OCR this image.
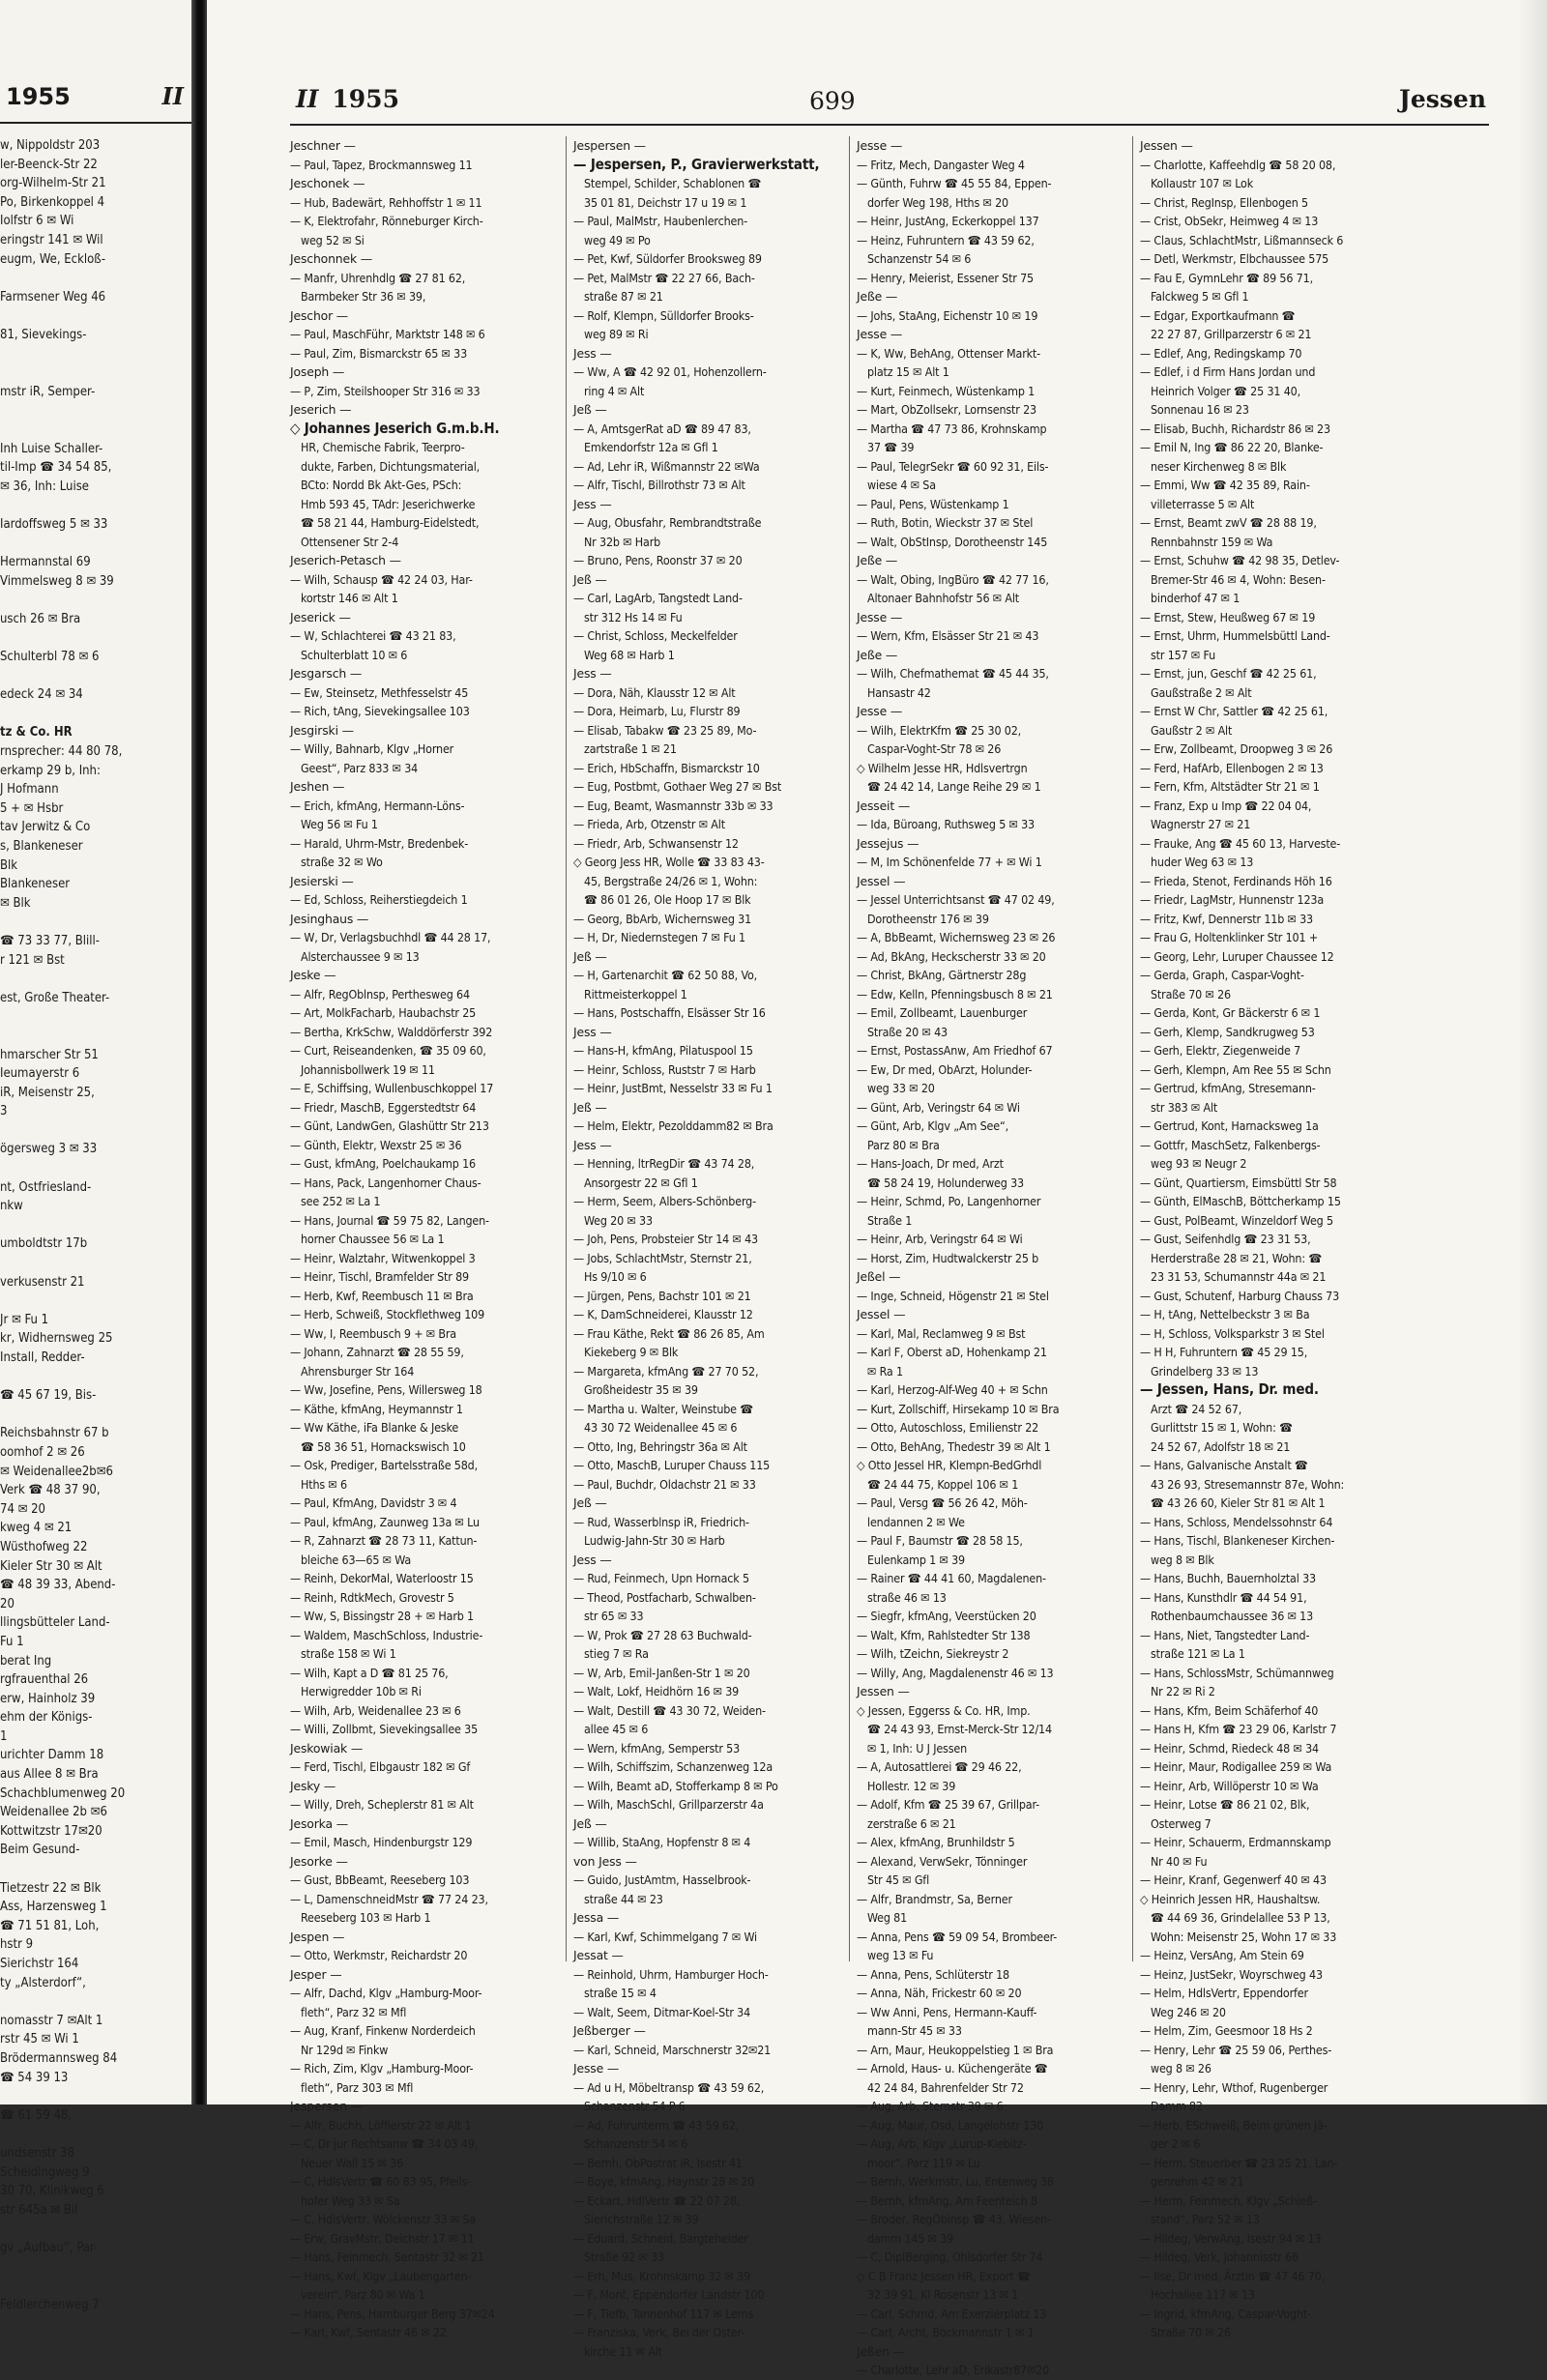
1955	II
w, Nippoldstr 203
ler-Beenck-Str 22
org-Wilhelm-Str 21
Po, Birkenkoppel 4
Iolfstr 6 ✉ Wi
eringstr 141 ✉ Wil
eugm, We, Eckloß-
Farmsener Weg 46
81, Sievekings-
mstr iR, Semper-
Inh Luise Schaller-
til-Imp ☎ 34 54 85,
✉ 36, Inh: Luise
Iardoffsweg 5 ✉ 33
Hermannstal 69
Vimmelsweg 8 ✉ 39
usch 26 ✉ Bra
Schulterbl 78 ✉ 6
edeck 24 ✉ 34
tz & Co. HR
rnsprecher: 44 80 78,
erkamp 29 b, Inh:
J Hofmann
5 + ✉ Hsbr
tav Jerwitz & Co
s, Blankeneser
Blk
Blankeneser
✉ Blk
☎ 73 33 77, Blill-
r 121 ✉ Bst
est, Große Theater-
hmarscher Str 51
Ieumayerstr 6
iR, Meisenstr 25,
3
ögersweg 3 ✉ 33
nt, Ostfriesland-
nkw
umboldtstr 17b
verkusenstr 21
Jr ✉ Fu 1
kr, Widhernsweg 25
Install, Redder-
☎ 45 67 19, Bis-
Reichsbahnstr 67 b
oomhof 2 ✉ 26
✉ Weidenallee2b✉6
Verk ☎ 48 37 90,
74 ✉ 20
kweg 4 ✉ 21
Wüsthofweg 22
Kieler Str 30 ✉ Alt
☎ 48 39 33, Abend-
20
llingsbütteler Land-
Fu 1
berat Ing
rgfrauenthal 26
erw, Hainholz 39
ehm der Königs-
1
urichter Damm 18
aus Allee 8 ✉ Bra
Schachblumenweg 20
Weidenallee 2b ✉6
Kottwitzstr 17✉20
Beim Gesund-
Tietzestr 22 ✉ Blk
Ass, Harzensweg 1
☎ 71 51 81, Loh,
hstr 9
Sierichstr 164
ty „Alsterdorf“,
nomasstr 7 ✉Alt 1
rstr 45 ✉ Wi 1
Brödermannsweg 84
☎ 54 39 13
☎ 61 59 48,
undsenstr 38
Scheidingweg 9
30 70, Klinikweg 6
str 645a ✉ Bil
gv „Aufbau“, Par-
Feldlerchenweg 7
II 1955	699	Jessen
Jeschner —
— Paul, Tapez, Brockmannsweg 11
Jeschonek —
— Hub, Badewärt, Rehhoffstr 1 ✉ 11
— K, Elektrofahr, Rönneburger Kirch-
 weg 52 ✉ Si
Jeschonnek —
— Manfr, Uhrenhdlg ☎ 27 81 62,
 Barmbeker Str 36 ✉ 39,
Jeschor —
— Paul, MaschFühr, Marktstr 148 ✉ 6
— Paul, Zim, Bismarckstr 65 ✉ 33
Joseph —
— P, Zim, Steilshooper Str 316 ✉ 33
Jeserich —
◇ Johannes Jeserich G.m.b.H.
 HR, Chemische Fabrik, Teerpro-
 dukte, Farben, Dichtungsmaterial,
 BCto: Nordd Bk Akt-Ges, PSch:
 Hmb 593 45, TAdr: Jeserichwerke
 ☎ 58 21 44, Hamburg-Eidelstedt,
 Ottensener Str 2-4
Jeserich-Petasch —
— Wilh, Schausp ☎ 42 24 03, Har-
 kortstr 146 ✉ Alt 1
Jeserick —
— W, Schlachterei ☎ 43 21 83,
 Schulterblatt 10 ✉ 6
Jesgarsch —
— Ew, Steinsetz, Methfesselstr 45
— Rich, tAng, Sievekingsallee 103
Jesgirski —
— Willy, Bahnarb, Klgv „Horner
 Geest“, Parz 833 ✉ 34
Jeshen —
— Erich, kfmAng, Hermann-Löns-
 Weg 56 ✉ Fu 1
— Harald, Uhrm-Mstr, Bredenbek-
 straße 32 ✉ Wo
Jesierski —
— Ed, Schloss, Reiherstiegdeich 1
Jesinghaus —
— W, Dr, Verlagsbuchhdl ☎ 44 28 17,
 Alsterchaussee 9 ✉ 13
Jeske —
— Alfr, RegOblnsp, Perthesweg 64
— Art, MolkFacharb, Haubachstr 25
— Bertha, KrkSchw, Walddörferstr 392
— Curt, Reiseandenken, ☎ 35 09 60,
 Johannisbollwerk 19 ✉ 11
— E, Schiffsing, Wullenbuschkoppel 17
— Friedr, MaschB, Eggerstedtstr 64
— Günt, LandwGen, Glashüttr Str 213
— Günth, Elektr, Wexstr 25 ✉ 36
— Gust, kfmAng, Poelchaukamp 16
— Hans, Pack, Langenhorner Chaus-
 see 252 ✉ La 1
— Hans, Journal ☎ 59 75 82, Langen-
 horner Chaussee 56 ✉ La 1
— Heinr, Walztahr, Witwenkoppel 3
— Heinr, Tischl, Bramfelder Str 89
— Herb, Kwf, Reembusch 11 ✉ Bra
— Herb, Schweiß, Stockflethweg 109
— Ww, I, Reembusch 9 + ✉ Bra
— Johann, Zahnarzt ☎ 28 55 59,
 Ahrensburger Str 164
— Ww, Josefine, Pens, Willersweg 18
— Käthe, kfmAng, Heymannstr 1
— Ww Käthe, iFa Blanke & Jeske
 ☎ 58 36 51, Hornackswisch 10
— Osk, Prediger, Bartelsstraße 58d,
 Hths ✉ 6
— Paul, KfmAng, Davidstr 3 ✉ 4
— Paul, kfmAng, Zaunweg 13a ✉ Lu
— R, Zahnarzt ☎ 28 73 11, Kattun-
 bleiche 63—65 ✉ Wa
— Reinh, DekorMal, Waterloostr 15
— Reinh, RdtkMech, Grovestr 5
— Ww, S, Bissingstr 28 + ✉ Harb 1
— Waldem, MaschSchloss, Industrie-
 straße 158 ✉ Wi 1
— Wilh, Kapt a D ☎ 81 25 76,
 Herwigredder 10b ✉ Ri
— Wilh, Arb, Weidenallee 23 ✉ 6
— Willi, Zollbmt, Sievekingsallee 35
Jeskowiak —
— Ferd, Tischl, Elbgaustr 182 ✉ Gf
Jesky —
— Willy, Dreh, Scheplerstr 81 ✉ Alt
Jesorka —
— Emil, Masch, Hindenburgstr 129
Jesorke —
— Gust, BbBeamt, Reeseberg 103
— L, DamenschneidMstr ☎ 77 24 23,
 Reeseberg 103 ✉ Harb 1
Jespen —
— Otto, Werkmstr, Reichardstr 20
Jesper —
— Alfr, Dachd, Klgv „Hamburg-Moor-
 fleth“, Parz 32 ✉ Mfl
— Aug, Kranf, Finkenw Norderdeich
 Nr 129d ✉ Finkw
— Rich, Zim, Klgv „Hamburg-Moor-
 fleth“, Parz 303 ✉ Mfl
Jespersen —
— Alfr, Buchh, Löfflerstr 22 ✉ Alt 1
— C, Dr jur Rechtsanw ☎ 34 03 49,
 Neuer Wall 15 ✉ 36
— C, HdlsVertr ☎ 60 83 95, Pfeils-
 hofer Weg 33 ✉ Sa
— C, HdlsVertr, Wölckenstr 33 ✉ Sa
— Erw, GravMstr, Deichstr 17 ✉ 11
— Hans, Feinmech, Sentastr 32 ✉ 21
— Hans, Kwf, Klgv „Laubengarten-
 verein“, Parz 80 ✉ Wa 1
— Hans, Pens, Hamburger Berg 37✉24
— Karl, Kwf, Sentastr 46 ✉ 22
Jespersen —
— Jespersen, P., Gravierwerkstatt,
 Stempel, Schilder, Schablonen ☎
 35 01 81, Deichstr 17 u 19 ✉ 1
— Paul, MalMstr, Haubenlerchen-
 weg 49 ✉ Po
— Pet, Kwf, Süldorfer Brooksweg 89
— Pet, MalMstr ☎ 22 27 66, Bach-
 straße 87 ✉ 21
— Rolf, Klempn, Sülldorfer Brooks-
 weg 89 ✉ Ri
Jess —
— Ww, A ☎ 42 92 01, Hohenzollern-
 ring 4 ✉ Alt
Jeß —
— A, AmtsgerRat aD ☎ 89 47 83,
 Emkendorfstr 12a ✉ Gfl 1
— Ad, Lehr iR, Wißmannstr 22 ✉Wa
— Alfr, Tischl, Billrothstr 73 ✉ Alt
Jess —
— Aug, Obusfahr, Rembrandtstraße
 Nr 32b ✉ Harb
— Bruno, Pens, Roonstr 37 ✉ 20
Jeß —
— Carl, LagArb, Tangstedt Land-
 str 312 Hs 14 ✉ Fu
— Christ, Schloss, Meckelfelder
 Weg 68 ✉ Harb 1
Jess —
— Dora, Näh, Klausstr 12 ✉ Alt
— Dora, Heimarb, Lu, Flurstr 89
— Elisab, Tabakw ☎ 23 25 89, Mo-
 zartstraße 1 ✉ 21
— Erich, HbSchaffn, Bismarckstr 10
— Eug, Postbmt, Gothaer Weg 27 ✉ Bst
— Eug, Beamt, Wasmannstr 33b ✉ 33
— Frieda, Arb, Otzenstr ✉ Alt
— Friedr, Arb, Schwansenstr 12
◇ Georg Jess HR, Wolle ☎ 33 83 43-
 45, Bergstraße 24/26 ✉ 1, Wohn:
 ☎ 86 01 26, Ole Hoop 17 ✉ Blk
— Georg, BbArb, Wichernsweg 31
— H, Dr, Niedernstegen 7 ✉ Fu 1
Jeß —
— H, Gartenarchit ☎ 62 50 88, Vo,
 Rittmeisterkoppel 1
— Hans, Postschaffn, Elsässer Str 16
Jess —
— Hans-H, kfmAng, Pilatuspool 15
— Heinr, Schloss, Ruststr 7 ✉ Harb
— Heinr, JustBmt, Nesselstr 33 ✉ Fu 1
Jeß —
— Helm, Elektr, Pezolddamm82 ✉ Bra
Jess —
— Henning, ltrRegDir ☎ 43 74 28,
 Ansorgestr 22 ✉ Gfl 1
— Herm, Seem, Albers-Schönberg-
 Weg 20 ✉ 33
— Joh, Pens, Probsteier Str 14 ✉ 43
— Jobs, SchlachtMstr, Sternstr 21,
 Hs 9/10 ✉ 6
— Jürgen, Pens, Bachstr 101 ✉ 21
— K, DamSchneiderei, Klausstr 12
— Frau Käthe, Rekt ☎ 86 26 85, Am
 Kiekeberg 9 ✉ Blk
— Margareta, kfmAng ☎ 27 70 52,
 Großheidestr 35 ✉ 39
— Martha u. Walter, Weinstube ☎
 43 30 72 Weidenallee 45 ✉ 6
— Otto, Ing, Behringstr 36a ✉ Alt
— Otto, MaschB, Luruper Chauss 115
— Paul, Buchdr, Oldachstr 21 ✉ 33
Jeß —
— Rud, Wasserblnsp iR, Friedrich-
 Ludwig-Jahn-Str 30 ✉ Harb
Jess —
— Rud, Feinmech, Upn Hornack 5
— Theod, Postfacharb, Schwalben-
 str 65 ✉ 33
— W, Prok ☎ 27 28 63 Buchwald-
 stieg 7 ✉ Ra
— W, Arb, Emil-Janßen-Str 1 ✉ 20
— Walt, Lokf, Heidhörn 16 ✉ 39
— Walt, Destill ☎ 43 30 72, Weiden-
 allee 45 ✉ 6
— Wern, kfmAng, Semperstr 53
— Wilh, Schiffszim, Schanzenweg 12a
— Wilh, Beamt aD, Stofferkamp 8 ✉ Po
— Wilh, MaschSchl, Grillparzerstr 4a
Jeß —
— Willib, StaAng, Hopfenstr 8 ✉ 4
von Jess —
— Guido, JustAmtm, Hasselbrook-
 straße 44 ✉ 23
Jessa —
— Karl, Kwf, Schimmelgang 7 ✉ Wi
Jessat —
— Reinhold, Uhrm, Hamburger Hoch-
 straße 15 ✉ 4
— Walt, Seem, Ditmar-Koel-Str 34
Jeßberger —
— Karl, Schneid, Marschnerstr 32✉21
Jesse —
— Ad u H, Möbeltransp ☎ 43 59 62,
 Schanzenstr 54 P 6
— Ad, Fuhrunterm ☎ 43 59 62,
 Schanzenstr 54 ✉ 6
— Bernh, ObPostrat iR, Isestr 41
— Boye, kfmAng, Haynstr 28 ✉ 20
— Eckart, HdlVertr ☎ 22 07 28,
 Sierichstraße 12 ✉ 39
— Eduard, Schneid, Bargteheider
 Straße 92 ✉ 33
— Erh, Mus, Krohnskamp 32 ✉ 39
— F, Mont, Eppendorfer Landstr 100
— F, Tiefb, Tannenhof 117 ✉ Lems
— Franziska, Verk, Bei der Oster-
 kirche 11 ✉ Alt
Jesse —
— Fritz, Mech, Dangaster Weg 4
— Günth, Fuhrw ☎ 45 55 84, Eppen-
 dorfer Weg 198, Hths ✉ 20
— Heinr, JustAng, Eckerkoppel 137
— Heinz, Fuhruntern ☎ 43 59 62,
 Schanzenstr 54 ✉ 6
— Henry, Meierist, Essener Str 75
Jeße —
— Johs, StaAng, Eichenstr 10 ✉ 19
Jesse —
— K, Ww, BehAng, Ottenser Markt-
 platz 15 ✉ Alt 1
— Kurt, Feinmech, Wüstenkamp 1
— Mart, ObZollsekr, Lornsenstr 23
— Martha ☎ 47 73 86, Krohnskamp
 37 ☎ 39
— Paul, TelegrSekr ☎ 60 92 31, Eils-
 wiese 4 ✉ Sa
— Paul, Pens, Wüstenkamp 1
— Ruth, Botin, Wieckstr 37 ✉ Stel
— Walt, ObStInsp, Dorotheenstr 145
Jeße —
— Walt, Obing, IngBüro ☎ 42 77 16,
 Altonaer Bahnhofstr 56 ✉ Alt
Jesse —
— Wern, Kfm, Elsässer Str 21 ✉ 43
Jeße —
— Wilh, Chefmathemat ☎ 45 44 35,
 Hansastr 42
Jesse —
— Wilh, ElektrKfm ☎ 25 30 02,
 Caspar-Voght-Str 78 ✉ 26
◇ Wilhelm Jesse HR, Hdlsvertrgn
 ☎ 24 42 14, Lange Reihe 29 ✉ 1
Jesseit —
— Ida, Büroang, Ruthsweg 5 ✉ 33
Jessejus —
— M, Im Schönenfelde 77 + ✉ Wi 1
Jessel —
— Jessel Unterrichtsanst ☎ 47 02 49,
 Dorotheenstr 176 ✉ 39
— A, BbBeamt, Wichernsweg 23 ✉ 26
— Ad, BkAng, Heckscherstr 33 ✉ 20
— Christ, BkAng, Gärtnerstr 28g
— Edw, Kelln, Pfenningsbusch 8 ✉ 21
— Emil, Zollbeamt, Lauenburger
 Straße 20 ✉ 43
— Ernst, PostassAnw, Am Friedhof 67
— Ew, Dr med, ObArzt, Holunder-
 weg 33 ✉ 20
— Günt, Arb, Veringstr 64 ✉ Wi
— Günt, Arb, Klgv „Am See“,
 Parz 80 ✉ Bra
— Hans-Joach, Dr med, Arzt
 ☎ 58 24 19, Holunderweg 33
— Heinr, Schmd, Po, Langenhorner
 Straße 1
— Heinr, Arb, Veringstr 64 ✉ Wi
— Horst, Zim, Hudtwalckerstr 25 b
Jeßel —
— Inge, Schneid, Högenstr 21 ✉ Stel
Jessel —
— Karl, Mal, Reclamweg 9 ✉ Bst
— Karl F, Oberst aD, Hohenkamp 21
 ✉ Ra 1
— Karl, Herzog-Alf-Weg 40 + ✉ Schn
— Kurt, Zollschiff, Hirsekamp 10 ✉ Bra
— Otto, Autoschloss, Emilienstr 22
— Otto, BehAng, Thedestr 39 ✉ Alt 1
◇ Otto Jessel HR, Klempn-BedGrhdl
 ☎ 24 44 75, Koppel 106 ✉ 1
— Paul, Versg ☎ 56 26 42, Möh-
 lendannen 2 ✉ We
— Paul F, Baumstr ☎ 28 58 15,
 Eulenkamp 1 ✉ 39
— Rainer ☎ 44 41 60, Magdalenen-
 straße 46 ✉ 13
— Siegfr, kfmAng, Veerstücken 20
— Walt, Kfm, Rahlstedter Str 138
— Wilh, tZeichn, Siekreystr 2
— Willy, Ang, Magdalenenstr 46 ✉ 13
Jessen —
◇ Jessen, Eggerss & Co. HR, Imp.
 ☎ 24 43 93, Ernst-Merck-Str 12/14
 ✉ 1, Inh: U J Jessen
— A, Autosattlerei ☎ 29 46 22,
 Hollestr. 12 ✉ 39
— Adolf, Kfm ☎ 25 39 67, Grillpar-
 zerstraße 6 ✉ 21
— Alex, kfmAng, Brunhildstr 5
— Alexand, VerwSekr, Tönninger
 Str 45 ✉ Gfl
— Alfr, Brandmstr, Sa, Berner
 Weg 81
— Anna, Pens ☎ 59 09 54, Brombeer-
 weg 13 ✉ Fu
— Anna, Pens, Schlüterstr 18
— Anna, Näh, Frickestr 60 ✉ 20
— Ww Anni, Pens, Hermann-Kauff-
 mann-Str 45 ✉ 33
— Arn, Maur, Heukoppelstieg 1 ✉ Bra
— Arnold, Haus- u. Küchengeräte ☎
 42 24 84, Bahrenfelder Str 72
— Aug, Arb, Sternstr 39 ✉ 6
— Aug, Maur, Osd, Langelohstr 130
— Aug, Arb, Klgv „Lurup-Kiebitz-
 moor“, Parz 119 ✉ Lu
— Bernh, Werkmstr, Lu, Entenweg 38
— Bernh, kfmAng, Am Feenteich 8
— Broder, RegOblnsp ☎ 43, Wiesen-
 damm 145 ✉ 39
— C, DiplBerging, Ohlsdorfer Str 74
◇ C B Franz Jessen HR, Export ☎
 32 39 91, Kl Rosenstr 13 ✉ 1
— Carl, Schmd, Am Exerzierplatz 13
— Carl, Archt, Böckmannstr 1 ✉ 1
Jeßen —
— Charlotte, Lehr aD, Erikastr87✉20
Jessen —
— Charlotte, Kaffeehdlg ☎ 58 20 08,
 Kollaustr 107 ✉ Lok
— Christ, RegInsp, Ellenbogen 5
— Crist, ObSekr, Heimweg 4 ✉ 13
— Claus, SchlachtMstr, Lißmannseck 6
— Detl, Werkmstr, Elbchaussee 575
— Fau E, GymnLehr ☎ 89 56 71,
 Falckweg 5 ✉ Gfl 1
— Edgar, Exportkaufmann ☎
 22 27 87, Grillparzerstr 6 ✉ 21
— Edlef, Ang, Redingskamp 70
— Edlef, i d Firm Hans Jordan und
 Heinrich Volger ☎ 25 31 40,
 Sonnenau 16 ✉ 23
— Elisab, Buchh, Richardstr 86 ✉ 23
— Emil N, Ing ☎ 86 22 20, Blanke-
 neser Kirchenweg 8 ✉ Blk
— Emmi, Ww ☎ 42 35 89, Rain-
 villeterrasse 5 ✉ Alt
— Ernst, Beamt zwV ☎ 28 88 19,
 Rennbahnstr 159 ✉ Wa
— Ernst, Schuhw ☎ 42 98 35, Detlev-
 Bremer-Str 46 ✉ 4, Wohn: Besen-
 binderhof 47 ✉ 1
— Ernst, Stew, Heußweg 67 ✉ 19
— Ernst, Uhrm, Hummelsbüttl Land-
 str 157 ✉ Fu
— Ernst, jun, Geschf ☎ 42 25 61,
 Gaußstraße 2 ✉ Alt
— Ernst W Chr, Sattler ☎ 42 25 61,
 Gaußstr 2 ✉ Alt
— Erw, Zollbeamt, Droopweg 3 ✉ 26
— Ferd, HafArb, Ellenbogen 2 ✉ 13
— Fern, Kfm, Altstädter Str 21 ✉ 1
— Franz, Exp u Imp ☎ 22 04 04,
 Wagnerstr 27 ✉ 21
— Frauke, Ang ☎ 45 60 13, Harveste-
 huder Weg 63 ✉ 13
— Frieda, Stenot, Ferdinands Höh 16
— Friedr, LagMstr, Hunnenstr 123a
— Fritz, Kwf, Dennerstr 11b ✉ 33
— Frau G, Holtenklinker Str 101 +
— Georg, Lehr, Luruper Chaussee 12
— Gerda, Graph, Caspar-Voght-
 Straße 70 ✉ 26
— Gerda, Kont, Gr Bäckerstr 6 ✉ 1
— Gerh, Klemp, Sandkrugweg 53
— Gerh, Elektr, Ziegenweide 7
— Gerh, Klempn, Am Ree 55 ✉ Schn
— Gertrud, kfmAng, Stresemann-
 str 383 ✉ Alt
— Gertrud, Kont, Harnacksweg 1a
— Gottfr, MaschSetz, Falkenbergs-
 weg 93 ✉ Neugr 2
— Günt, Quartiersm, Eimsbüttl Str 58
— Günth, ElMaschB, Böttcherkamp 15
— Gust, PolBeamt, Winzeldorf Weg 5
— Gust, Seifenhdlg ☎ 23 31 53,
 Herderstraße 28 ✉ 21, Wohn: ☎
 23 31 53, Schumannstr 44a ✉ 21
— Gust, Schutenf, Harburg Chauss 73
— H, tAng, Nettelbeckstr 3 ✉ Ba
— H, Schloss, Volksparkstr 3 ✉ Stel
— H H, Fuhruntern ☎ 45 29 15,
 Grindelberg 33 ✉ 13
— Jessen, Hans, Dr. med.
 Arzt ☎ 24 52 67,
 Gurlittstr 15 ✉ 1, Wohn: ☎
 24 52 67, Adolfstr 18 ✉ 21
— Hans, Galvanische Anstalt ☎
 43 26 93, Stresemannstr 87e, Wohn:
 ☎ 43 26 60, Kieler Str 81 ✉ Alt 1
— Hans, Schloss, Mendelssohnstr 64
— Hans, Tischl, Blankeneser Kirchen-
 weg 8 ✉ Blk
— Hans, Buchh, Bauernholztal 33
— Hans, Kunsthdlr ☎ 44 54 91,
 Rothenbaumchaussee 36 ✉ 13
— Hans, Niet, Tangstedter Land-
 straße 121 ✉ La 1
— Hans, SchlossMstr, Schümannweg
 Nr 22 ✉ Ri 2
— Hans, Kfm, Beim Schäferhof 40
— Hans H, Kfm ☎ 23 29 06, Karlstr 7
— Heinr, Schmd, Riedeck 48 ✉ 34
— Heinr, Maur, Rodigallee 259 ✉ Wa
— Heinr, Arb, Willöperstr 10 ✉ Wa
— Heinr, Lotse ☎ 86 21 02, Blk,
 Osterweg 7
— Heinr, Schauerm, Erdmannskamp
 Nr 40 ✉ Fu
— Heinr, Kranf, Gegenwerf 40 ✉ 43
◇ Heinrich Jessen HR, Haushaltsw.
 ☎ 44 69 36, Grindelallee 53 P 13,
 Wohn: Meisenstr 25, Wohn 17 ✉ 33
— Heinz, VersAng, Am Stein 69
— Heinz, JustSekr, Woyrschweg 43
— Helm, HdlsVertr, Eppendorfer
 Weg 246 ✉ 20
— Helm, Zim, Geesmoor 18 Hs 2
— Henry, Lehr ☎ 25 59 06, Perthes-
 weg 8 ✉ 26
— Henry, Lehr, Wthof, Rugenberger
 Damm 82
— Herb, ESchweiß, Beim grünen Jä-
 ger 2 ✉ 6
— Herm, Steuerber ☎ 23 25 21, Lan-
 genrehm 42 ✉ 21
— Herm, Feinmech, Klgv „Schieß-
 stand“, Parz 52 ✉ 13
— Hildeg, VerwAng, Isestr 94 ✉ 13
— Hildeg, Verk, Johannisstr 66
— Ilse, Dr med, Ärztin ☎ 47 46 70,
 Hochallee 117 ✉ 13
— Ingrid, kfmAng, Caspar-Voght-
 Straße 70 ✉ 26
